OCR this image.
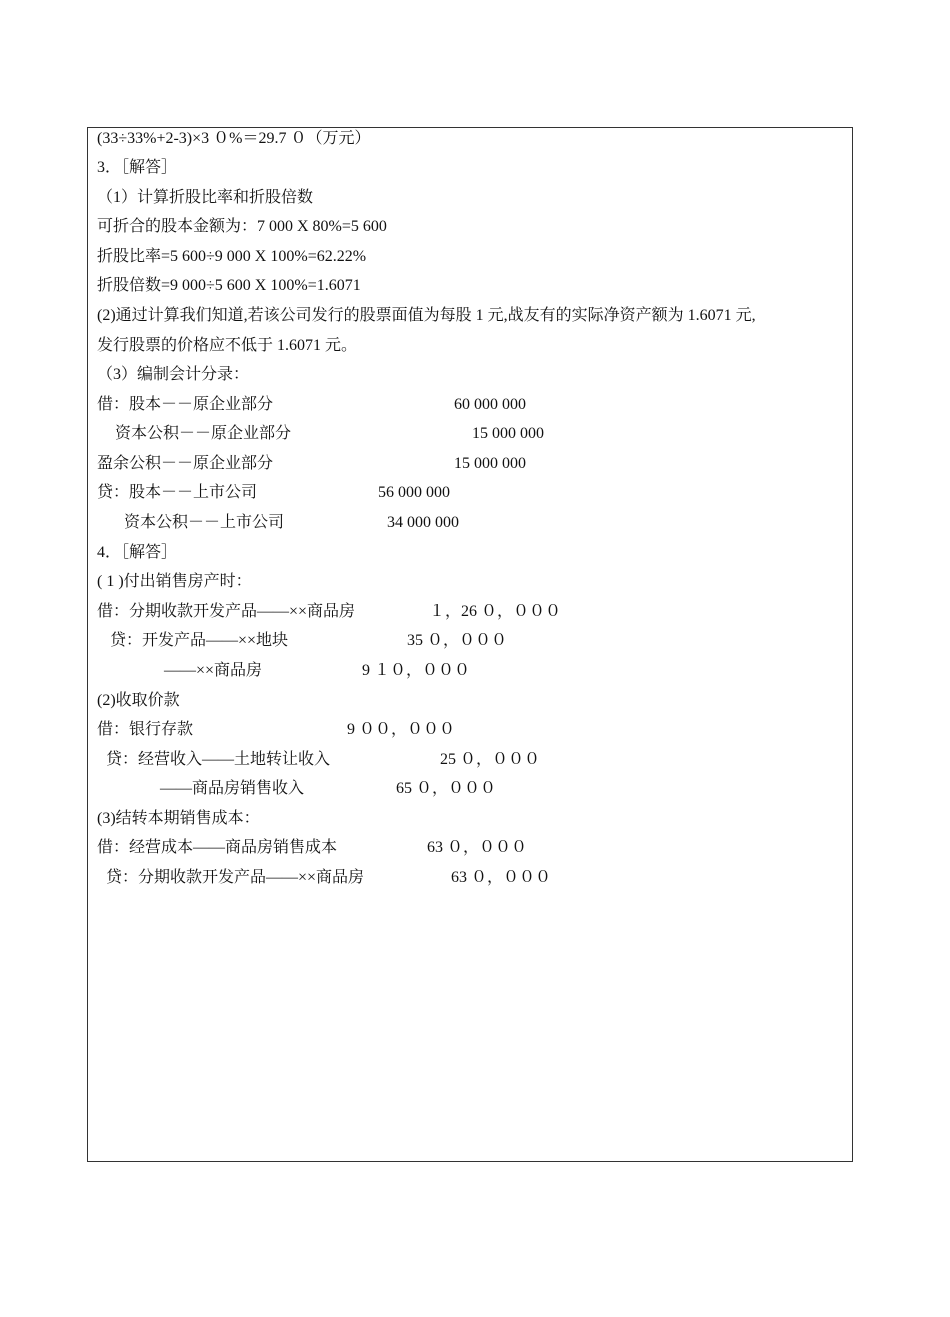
(33÷33%+2-3)×3 ０%＝29.7 ０（万元）
3．［解答］
（1）计算折股比率和折股倍数
可折合的股本金额为：7 000 X 80%=5 600
折股比率=5 600÷9 000 X 100%=62.22%
折股倍数=9 000÷5 600 X 100%=1.6071
(2)通过计算我们知道,若该公司发行的股票面值为每股 1 元,战友有的实际净资产额为 1.6071 元,
发行股票的价格应不低于 1.6071 元。
（3）编制会计分录：
借：股本－－原企业部分	60 000 000
资本公积－－原企业部分	15 000 000
盈余公积－－原企业部分	15 000 000
贷：股本－－上市公司	56 000 000
资本公积－－上市公司	34 000 000
4．［解答］
( 1 )付出销售房产时：
借：分期收款开发产品——××商品房	１，26 ０，０００
贷：开发产品——××地块	35 ０，０００
——××商品房	9 １０，０００
(2)收取价款
借：银行存款	9 ００，０００
贷：经营收入——土地转让收入	25 ０，０００
——商品房销售收入	65 ０，０００
(3)结转本期销售成本：
借：经营成本——商品房销售成本	63 ０，０００
贷：分期收款开发产品——××商品房	63 ０，０００
